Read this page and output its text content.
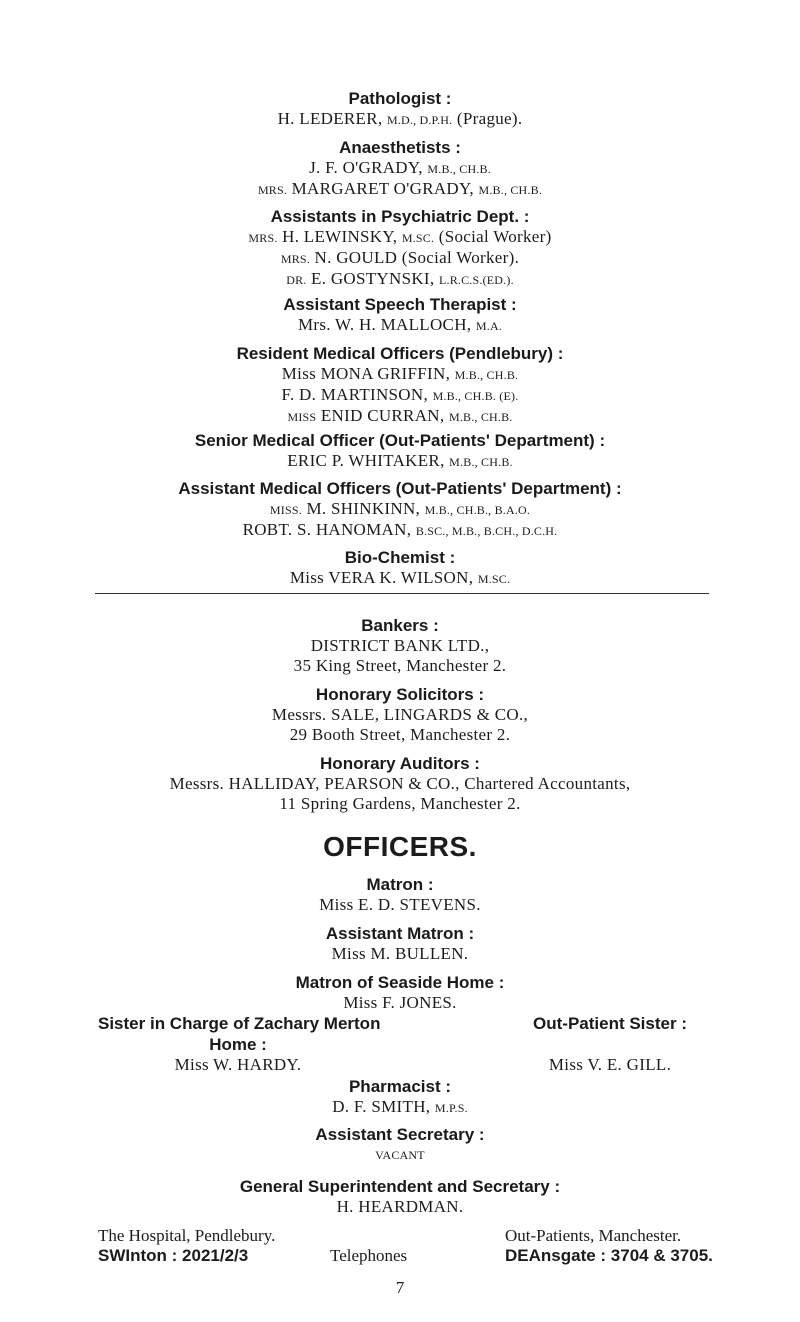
Pathologist :
H. LEDERER, M.D., D.P.H. (Prague).
Anaesthetists :
J. F. O'GRADY, M.B., CH.B.
MRS. MARGARET O'GRADY, M.B., CH.B.
Assistants in Psychiatric Dept. :
MRS. H. LEWINSKY, M.SC. (Social Worker)
MRS. N. GOULD (Social Worker).
DR. E. GOSTYNSKI, L.R.C.S.(ED.).
Assistant Speech Therapist :
Mrs. W. H. MALLOCH, M.A.
Resident Medical Officers (Pendlebury) :
Miss MONA GRIFFIN, M.B., CH.B.
F. D. MARTINSON, M.B., CH.B. (E).
MISS ENID CURRAN, M.B., CH.B.
Senior Medical Officer (Out-Patients' Department) :
ERIC P. WHITAKER, M.B., CH.B.
Assistant Medical Officers (Out-Patients' Department) :
MISS. M. SHINKINN, M.B., CH.B., B.A.O.
ROBT. S. HANOMAN, B.SC., M.B., B.CH., D.C.H.
Bio-Chemist :
Miss VERA K. WILSON, M.SC.
Bankers :
DISTRICT BANK LTD.,
35 King Street, Manchester 2.
Honorary Solicitors :
Messrs. SALE, LINGARDS & CO.,
29 Booth Street, Manchester 2.
Honorary Auditors :
Messrs. HALLIDAY, PEARSON & CO., Chartered Accountants,
11 Spring Gardens, Manchester 2.
OFFICERS.
Matron :
Miss E. D. STEVENS.
Assistant Matron :
Miss M. BULLEN.
Matron of Seaside Home :
Miss F. JONES.
Sister in Charge of Zachary Merton
Home :
Miss W. HARDY.
Out-Patient Sister :
Miss V. E. GILL.
Pharmacist :
D. F. SMITH, M.P.S.
Assistant Secretary :
VACANT
General Superintendent and Secretary :
H. HEARDMAN.
The Hospital, Pendlebury.
SWInton : 2021/2/3	Telephones
Out-Patients, Manchester.
DEAnsgate : 3704 & 3705.
7
